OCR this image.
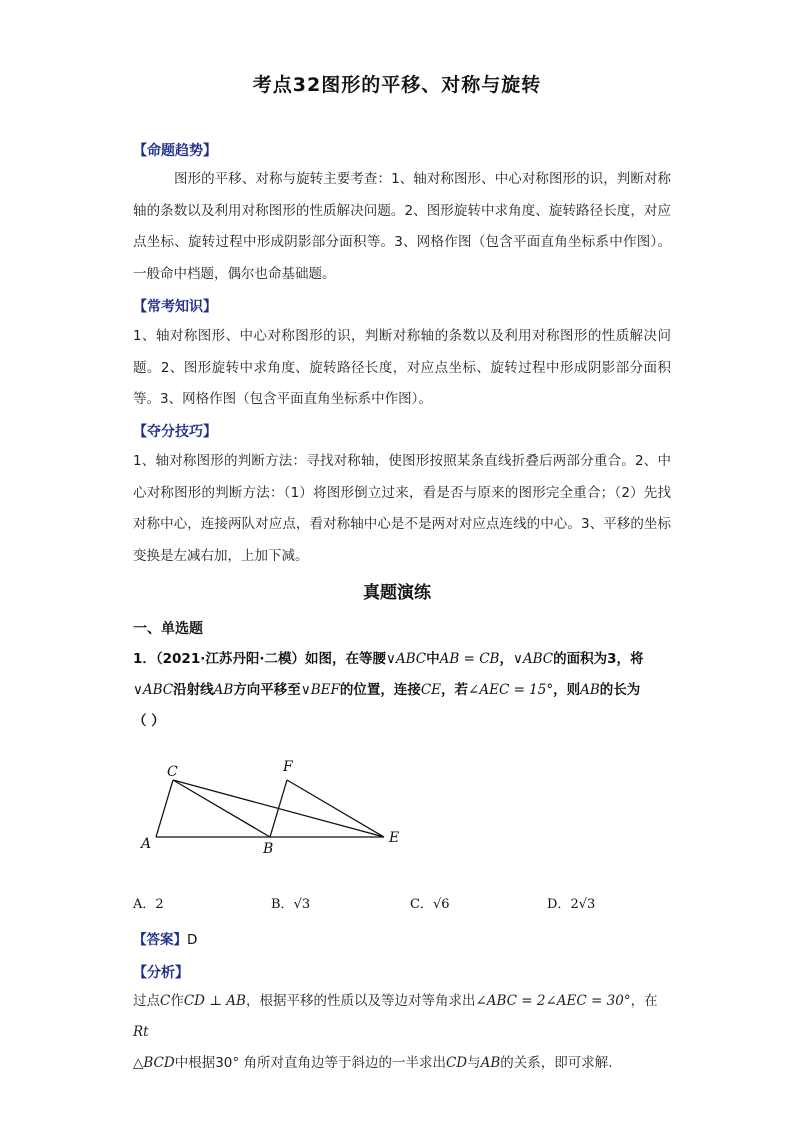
考点32图形的平移、对称与旋转
【命题趋势】
图形的平移、对称与旋转主要考查：1、轴对称图形、中心对称图形的识，判断对称轴的条数以及利用对称图形的性质解决问题。2、图形旋转中求角度、旋转路径长度，对应点坐标、旋转过程中形成阴影部分面积等。3、网格作图（包含平面直角坐标系中作图）。一般命中档题，偶尔也命基础题。
【常考知识】
1、轴对称图形、中心对称图形的识，判断对称轴的条数以及利用对称图形的性质解决问题。2、图形旋转中求角度、旋转路径长度，对应点坐标、旋转过程中形成阴影部分面积等。3、网格作图（包含平面直角坐标系中作图）。
【夺分技巧】
1、轴对称图形的判断方法：寻找对称轴，使图形按照某条直线折叠后两部分重合。2、中心对称图形的判断方法：（1）将图形倒立过来，看是否与原来的图形完全重合；（2）先找对称中心，连接两队对应点，看对称轴中心是不是两对对应点连线的中心。3、平移的坐标变换是左减右加，上加下减。
真题演练
一、单选题
1．（2021·江苏丹阳·二模）如图，在等腰∨ABC中AB = CB，∨ABC的面积为3，将
∨ABC沿射线AB方向平移至∨BEF的位置，连接CE，若∠AEC = 15°，则AB的长为
（ ）
C	F
A	B
E
A．2	B．√3	C．√6	D．2√3
【答案】D
【分析】
过点C作CD ⊥ AB，根据平移的性质以及等边对等角求出∠ABC = 2∠AEC = 30°，在Rt
△BCD中根据30° 角所对直角边等于斜边的一半求出CD与AB的关系，即可求解.
